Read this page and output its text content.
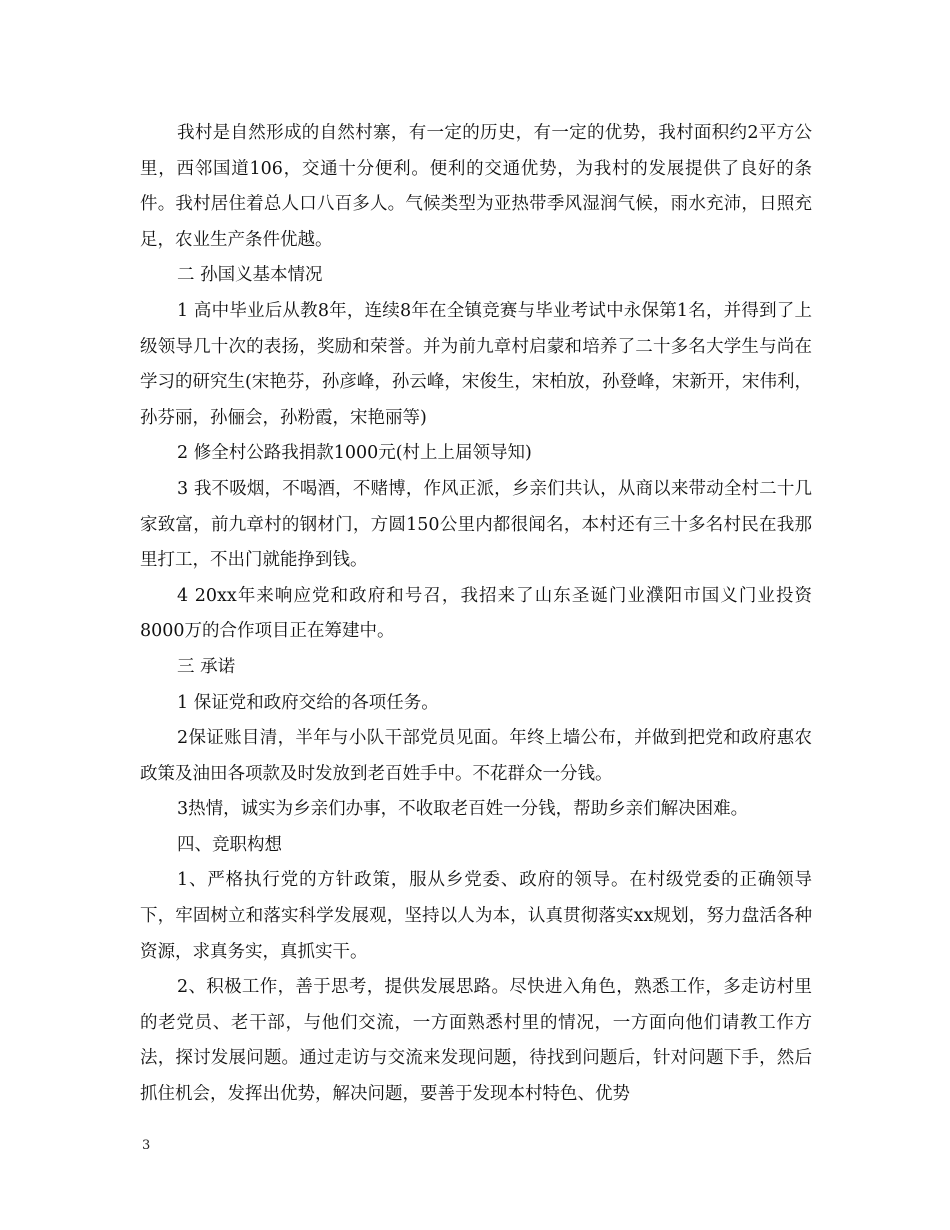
我村是自然形成的自然村寨，有一定的历史，有一定的优势，我村面积约2平方公里，西邻国道106，交通十分便利。便利的交通优势，为我村的发展提供了良好的条件。我村居住着总人口八百多人。气候类型为亚热带季风湿润气候，雨水充沛，日照充足，农业生产条件优越。

二 孙国义基本情况

1 高中毕业后从教8年，连续8年在全镇竞赛与毕业考试中永保第1名，并得到了上级领导几十次的表扬，奖励和荣誉。并为前九章村启蒙和培养了二十多名大学生与尚在学习的研究生(宋艳芬，孙彦峰，孙云峰，宋俊生，宋柏放，孙登峰，宋新开，宋伟利，孙芬丽，孙俪会，孙粉霞，宋艳丽等)

2 修全村公路我捐款1000元(村上上届领导知)

3 我不吸烟，不喝酒，不赌博，作风正派，乡亲们共认，从商以来带动全村二十几家致富，前九章村的钢材门，方圆150公里内都很闻名，本村还有三十多名村民在我那里打工，不出门就能挣到钱。

4 20xx年来响应党和政府和号召，我招来了山东圣诞门业濮阳市国义门业投资8000万的合作项目正在筹建中。

三 承诺

1 保证党和政府交给的各项任务。

2保证账目清，半年与小队干部党员见面。年终上墙公布，并做到把党和政府惠农政策及油田各项款及时发放到老百姓手中。不花群众一分钱。

3热情，诚实为乡亲们办事，不收取老百姓一分钱，帮助乡亲们解决困难。

四、竞职构想

1、严格执行党的方针政策，服从乡党委、政府的领导。在村级党委的正确领导下，牢固树立和落实科学发展观，坚持以人为本，认真贯彻落实xx规划，努力盘活各种资源，求真务实，真抓实干。

2、积极工作，善于思考，提供发展思路。尽快进入角色，熟悉工作，多走访村里的老党员、老干部，与他们交流，一方面熟悉村里的情况，一方面向他们请教工作方法，探讨发展问题。通过走访与交流来发现问题，待找到问题后，针对问题下手，然后抓住机会，发挥出优势，解决问题，要善于发现本村特色、优势

3
